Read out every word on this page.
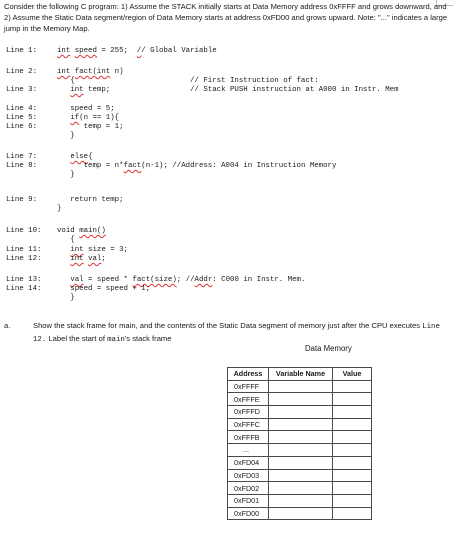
Consider the following C program: 1) Assume the STACK initially starts at Data Memory address 0xFFFF and grows downward, and 2) Assume the Static Data segment/region of Data Memory starts at address 0xFD00 and grows upward. Note: "..." indicates a large jump in the Memory Map.

Line 1:	int speed = 255;  // Global Variable

Line 2:	int fact(int n)

{                          // First Instruction of fact:

Line 3:	int temp;                  // Stack PUSH instruction at A000 in Instr. Mem

Line 4:	speed = 5;

Line 5:	if(n == 1){

Line 6:	temp = 1;

}

Line 7:	else{

Line 8:	temp = n*fact(n-1); //Address: A004 in Instruction Memory

}

Line 9:	return temp;

}

Line 10: void main()

{

Line 11:	int size = 3;

Line 12:	int val;

Line 13:	val = speed * fact(size); //Addr: C000 in Instr. Mem.

Line 14: speed = speed + 1;

}

a.	Show the stack frame for main, and the contents of the Static Data segment of memory just after the CPU executes Line 12. Label the start of main's stack frame
Data Memory
Address	Variable Name	Value
0xFFFF		
0xFFFE		
0xFFFD		
0xFFFC		
0xFFFB		
...		
0xFD04		
0xFD03		
0xFD02		
0xFD01		
0xFD00		
